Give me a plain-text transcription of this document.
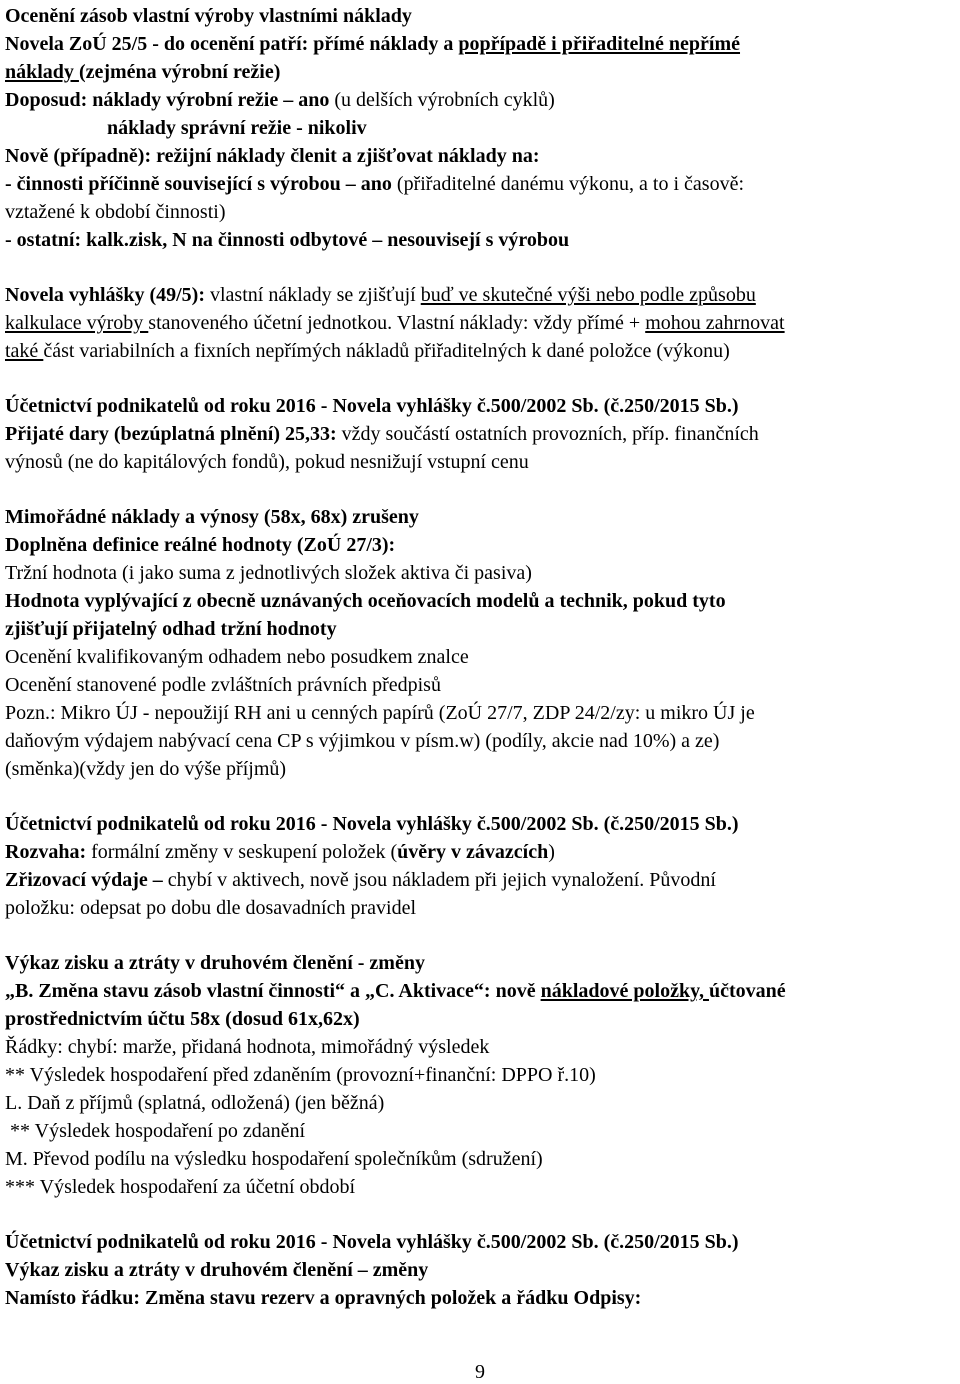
Ocenění zásob vlastní výroby vlastními náklady
Novela ZoÚ 25/5 - do ocenění patří: přímé náklady a popřípadě i přiřaditelné nepřímé
náklady (zejména výrobní režie)
Doposud: náklady výrobní režie – ano (u delších výrobních cyklů)
náklady správní režie - nikoliv
Nově (případně): režijní náklady členit a zjišťovat náklady na:
- činnosti příčinně související s výrobou – ano (přiřaditelné danému výkonu, a to i časově:
vztažené k období činnosti)
- ostatní: kalk.zisk, N na činnosti odbytové – nesouvisejí s výrobou
Novela vyhlášky (49/5): vlastní náklady se zjišťují buď ve skutečné výši nebo podle způsobu
kalkulace výroby stanoveného účetní jednotkou. Vlastní náklady: vždy přímé + mohou zahrnovat
také část variabilních a fixních nepřímých nákladů přiřaditelných k dané položce (výkonu)
Účetnictví podnikatelů od roku 2016 - Novela vyhlášky č.500/2002 Sb. (č.250/2015 Sb.)
Přijaté dary (bezúplatná plnění) 25,33: vždy součástí ostatních provozních, příp. finančních
výnosů (ne do kapitálových fondů), pokud nesnižují vstupní cenu
Mimořádné náklady a výnosy (58x, 68x) zrušeny
Doplněna definice reálné hodnoty (ZoÚ 27/3):
Tržní hodnota (i jako suma z jednotlivých složek aktiva či pasiva)
Hodnota vyplývající z obecně uznávaných oceňovacích modelů a technik, pokud tyto
zjišťují přijatelný odhad tržní hodnoty
Ocenění kvalifikovaným odhadem nebo posudkem znalce
Ocenění stanovené podle zvláštních právních předpisů
Pozn.: Mikro ÚJ - nepoužijí RH ani u cenných papírů (ZoÚ 27/7, ZDP 24/2/zy: u mikro ÚJ je
daňovým výdajem nabývací cena CP s výjimkou v písm.w) (podíly, akcie nad 10%) a ze)
(směnka)(vždy jen do výše příjmů)
Účetnictví podnikatelů od roku 2016 - Novela vyhlášky č.500/2002 Sb. (č.250/2015 Sb.)
Rozvaha: formální změny v seskupení položek (úvěry v závazcích)
Zřizovací výdaje – chybí v aktivech, nově jsou nákladem při jejich vynaložení. Původní
položku: odepsat po dobu dle dosavadních pravidel
Výkaz zisku a ztráty v druhovém členění - změny
„B. Změna stavu zásob vlastní činnosti“ a „C. Aktivace“: nově nákladové položky, účtované
prostřednictvím účtu 58x (dosud 61x,62x)
Řádky: chybí: marže, přidaná hodnota, mimořádný výsledek
** Výsledek hospodaření před zdaněním (provozní+finanční: DPPO ř.10)
L. Daň z příjmů (splatná, odložená) (jen běžná)
** Výsledek hospodaření po zdanění
M. Převod podílu na výsledku hospodaření společníkům (sdružení)
*** Výsledek hospodaření za účetní období
Účetnictví podnikatelů od roku 2016 - Novela vyhlášky č.500/2002 Sb. (č.250/2015 Sb.)
Výkaz zisku a ztráty v druhovém členění – změny
Namísto řádku: Změna stavu rezerv a opravných položek a řádku Odpisy:
9
